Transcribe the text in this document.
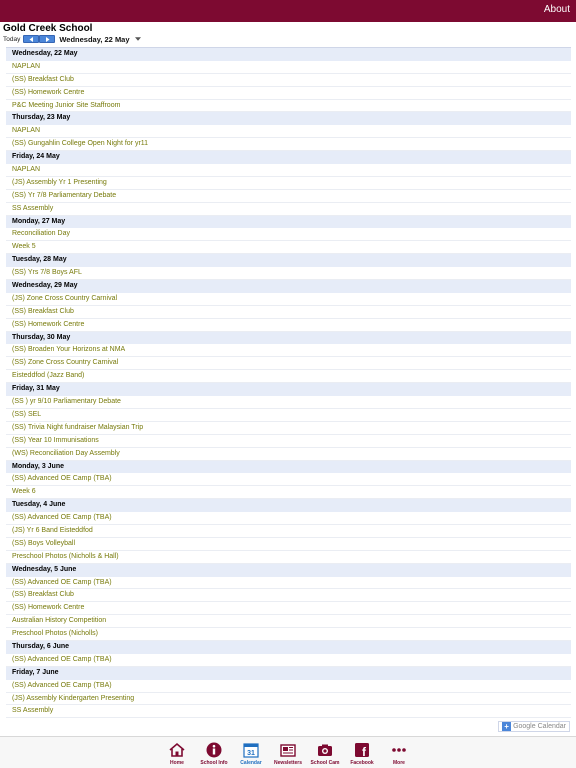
About
Gold Creek School
Today	Wednesday, 22 May
Wednesday, 22 May
NAPLAN
(SS) Breakfast Club
(SS) Homework Centre
P&C Meeting Junior Site Staffroom
Thursday, 23 May
NAPLAN
(SS) Gungahlin College Open Night for yr11
Friday, 24 May
NAPLAN
(JS) Assembly Yr 1 Presenting
(SS) Yr 7/8 Parliamentary Debate
SS Assembly
Monday, 27 May
Reconciliation Day
Week 5
Tuesday, 28 May
(SS) Yrs 7/8 Boys AFL
Wednesday, 29 May
(JS) Zone Cross Country Carnival
(SS) Breakfast Club
(SS) Homework Centre
Thursday, 30 May
(SS) Broaden Your Horizons at NMA
(SS) Zone Cross Country Carnival
Eisteddfod (Jazz Band)
Friday, 31 May
(SS ) yr 9/10 Parliamentary Debate
(SS) SEL
(SS) Trivia Night fundraiser Malaysian Trip
(SS) Year 10 Immunisations
(WS) Reconciliation Day Assembly
Monday, 3 June
(SS) Advanced OE Camp (TBA)
Week 6
Tuesday, 4 June
(SS) Advanced OE Camp (TBA)
(JS) Yr 6 Band Eisteddfod
(SS) Boys Volleyball
Preschool Photos (Nicholls & Hall)
Wednesday, 5 June
(SS) Advanced OE Camp (TBA)
(SS) Breakfast Club
(SS) Homework Centre
Australian History Competition
Preschool Photos (Nicholls)
Thursday, 6 June
(SS) Advanced OE Camp (TBA)
Friday, 7 June
(SS) Advanced OE Camp (TBA)
(JS) Assembly Kindergarten Presenting
SS Assembly
+ Google Calendar
Home	School Info
31
Calendar Newsletters School Cam
f
Facebook	More
